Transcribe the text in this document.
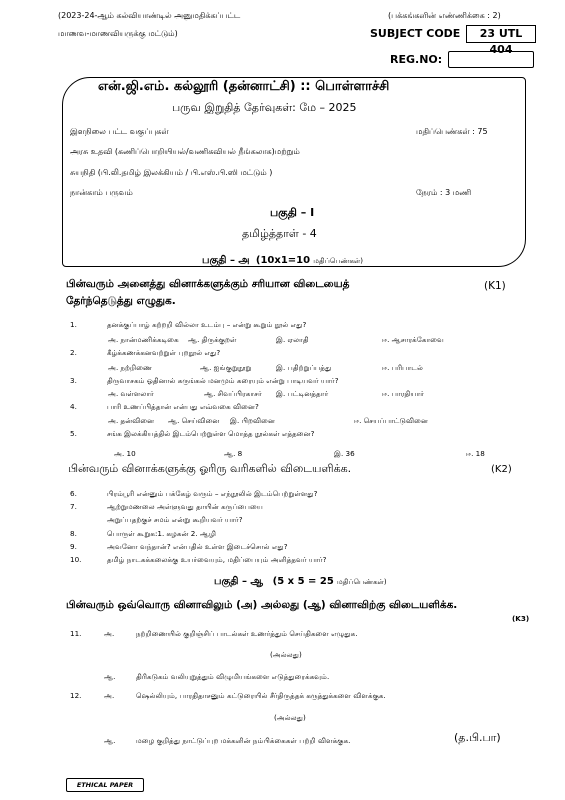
(2023-24-ஆம் கல்வியாண்டில் அனுமதிக்கப்பட்ட
மாணவ-மாணவியருக்கு மட்டும்)
(பக்கங்களின் எண்ணிக்கை : 2)
SUBJECT CODE	23 UTL 404
REG.NO:
என்.ஜி.எம். கல்லூரி (தன்னாட்சி) :: பொள்ளாச்சி
பருவ இறுதித் தேர்வுகள்: மே – 2025
இளநிலை பட்ட வகுப்புகள்	மதிப்பெண்கள் : 75
அரசு உதவி (கணிப்பொறியியல்/வணிகவியல் நீங்கலாக)மற்றும்
சுயநிதி (பி.லி.தமிழ் இலக்கியம் / பி.எஸ்.பி.ஸி மட்டும் )
நான்காம் பருவம்	நேரம் : 3 மணி
பகுதி – I
தமிழ்த்தாள் - 4
பகுதி – அ (10x1=10 மதிப்பெண்கள்)
பின்வரும் அனைத்து வினாக்களுக்கும் சரியான விடையைத்
தேர்ந்தெடுத்து எழுதுக.
(K1)
1.	தனக்குப்பாழ் கற்றறி வில்லா உடம்பு – என்று கூறும் நூல் எது?
அ. நான்மணிக்கடிகை ஆ. திருக்குறள்	இ. ஏலாதி	ஈ. ஆசாரக்கோவை
2.	கீழ்க்கணக்கனவற்றுள் புறநூல் எது?
அ. நற்றிணை	ஆ. ஐங்குறுநூறு	இ. பதிற்றுப்பத்து	ஈ. பரிபாடல்
3.	திருவாசகம் ஓதினால் கருங்கல் மனமும் கரையும் என்று பாடியவர் யார்?
அ. வள்ளலார்	ஆ. சிவப்பிரகாசர் இ. பட்டினத்தார்	ஈ. பாரதியார்
4.	பாரி உணப்பித்தான் என்பது எவ்வகை வினை?
அ. தன்வினை ஆ. செய்வினை இ. பிறவினை	ஈ. செயப்பாட்டுவினை
5.	சங்க இலக்கியத்தில் இடம்பெற்றுள்ள மொத்த நூல்கள் எத்தனை?
அ. 10	ஆ. 8	இ. 36	ஈ. 18
பின்வரும் வினாக்களுக்கு ஓரிரு வரிகளில் விடையளிக்க.	(K2)
6.	பிரம்பூரி என்னும் பக்கேழ் வரும் – எந்நூலில் இடம்பெற்றுள்ளது?
7.	ஆற்றுமணலை அள்ளுவது தாயின் கருப்பையை
அறுப்பதற்குச் சமம் என்று கூறியவர் யார்?
8.	பொருள் கூறுக:1. கழகன் 2. ஆழி
9.	அவனோ வந்தான்? என்பதில் உள்ள இடைச்சொல் எது?
10.	தமிழ் நாடகக்கலைக்கு உயர்வையும், மதிப்பையும் அளித்தவர் யார்?
பகுதி – ஆ (5 x 5 = 25 மதிப்பெண்கள்)
பின்வரும் ஒவ்வொரு வினாவிலும் (அ) அல்லது (ஆ) வினாவிற்கு விடையளிக்க.
(K3)
11.	அ.	நற்றிணையில் குறிஞ்சிப் பாடல்கள் உணர்த்தும் செய்திகளை எழுதுக.
(அல்லது)
ஆ.	திரிகடுகம் வலியுறுத்தும் விழுமியங்களை எடுத்துரைக்கவும்.
12.	அ.	ஷெல்லியும், பாரதிதாசனும் கட்டுரையில் சீர்திருத்தக் கருத்துக்களை விளக்குக.
(அல்லது)
ஆ.	மழை குறித்து நாட்டுப்புற மக்களின் நம்பிக்கைகள் பற்றி விளக்குக.	(த.பி.பா)
ETHICAL PAPER
